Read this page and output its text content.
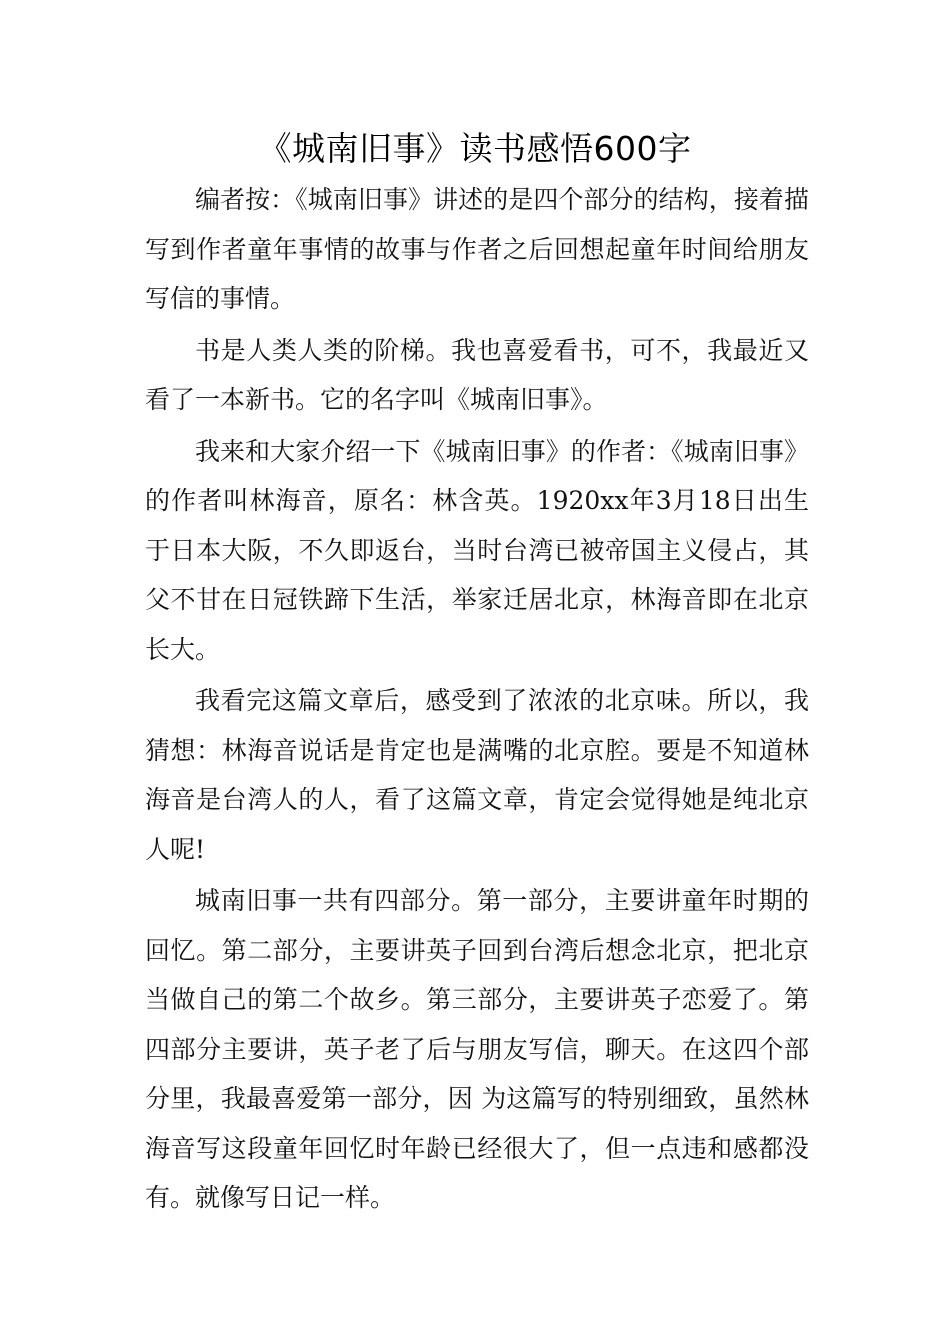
《城南旧事》读书感悟600字

编者按：《城南旧事》讲述的是四个部分的结构，接着描写到作者童年事情的故事与作者之后回想起童年时间给朋友写信的事情。

书是人类人类的阶梯。我也喜爱看书，可不，我最近又看了一本新书。它的名字叫《城南旧事》。

我来和大家介绍一下《城南旧事》的作者：《城南旧事》的作者叫林海音，原名：林含英。1920xx年3月18日出生于日本大阪，不久即返台，当时台湾已被帝国主义侵占，其父不甘在日冠铁蹄下生活，举家迁居北京，林海音即在北京长大。

我看完这篇文章后，感受到了浓浓的北京味。所以，我猜想：林海音说话是肯定也是满嘴的北京腔。要是不知道林海音是台湾人的人，看了这篇文章，肯定会觉得她是纯北京人呢!

城南旧事一共有四部分。第一部分，主要讲童年时期的回忆。第二部分，主要讲英子回到台湾后想念北京，把北京当做自己的第二个故乡。第三部分，主要讲英子恋爱了。第四部分主要讲，英子老了后与朋友写信，聊天。在这四个部分里，我最喜爱第一部分，因 为这篇写的特别细致，虽然林海音写这段童年回忆时年龄已经很大了，但一点违和感都没有。就像写日记一样。
